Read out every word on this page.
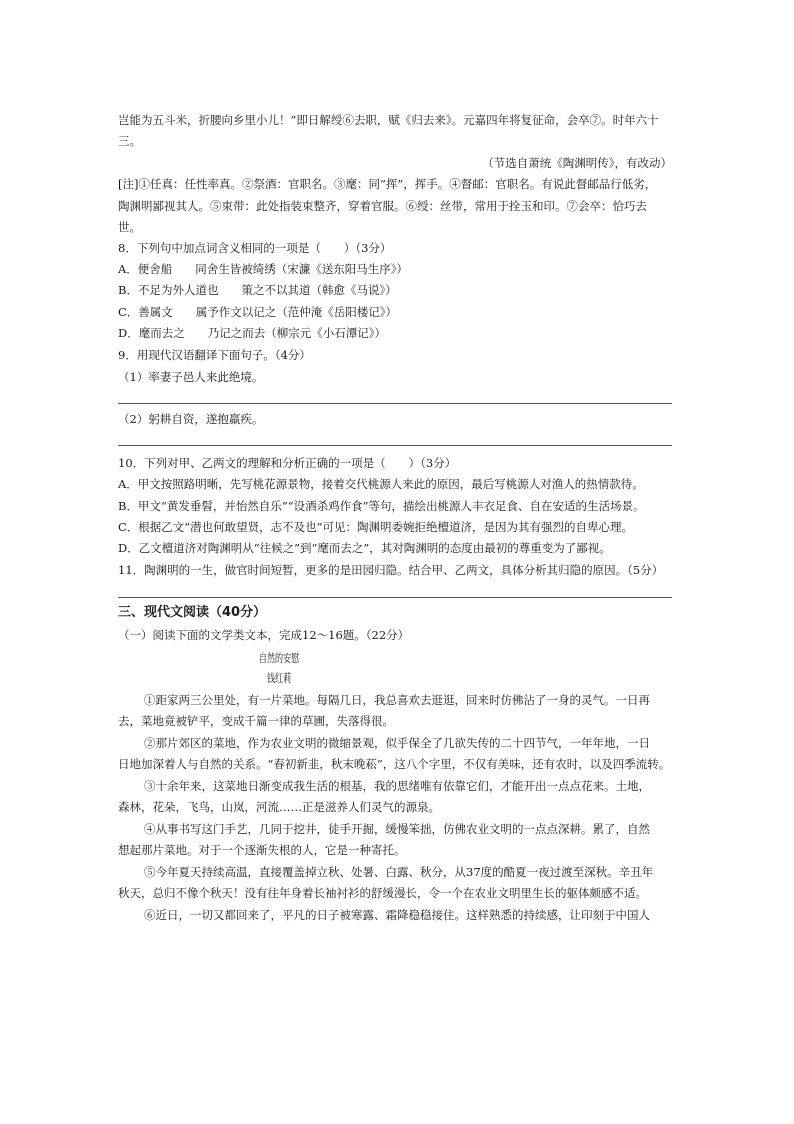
岂能为五斗米，折腰向乡里小儿！”即日解绶⑥去职，赋《归去来》。元嘉四年将复征命，会卒⑦。时年六十
三。
（节选自萧统《陶渊明传》，有改动）
[注]①任真：任性率真。②祭酒：官职名。③麾：同“挥”，挥手。④督邮：官职名。有说此督邮品行低劣，
陶渊明鄙视其人。⑤束带：此处指装束整齐，穿着官服。⑥绶：丝带，常用于拴玉和印。⑦会卒：恰巧去
世。
8．下列句中加点词含义相同的一项是（　　）（3分）
A．便舍船　　同舍生皆被绮绣（宋濂《送东阳马生序》）
B．不足为外人道也　　策之不以其道（韩愈《马说》）
C．善属文　　属予作文以记之（范仲淹《岳阳楼记》）
D．麾而去之　　乃记之而去（柳宗元《小石潭记》）
9．用现代汉语翻译下面句子。（4分）
（1）率妻子邑人来此绝境。
（2）躬耕自资，遂抱羸疾。
10．下列对甲、乙两文的理解和分析正确的一项是（　　）（3分）
A．甲文按照路明晰，先写桃花源景物，接着交代桃源人来此的原因，最后写桃源人对渔人的热情款待。
B．甲文“黄发垂髫，并怡然自乐”“设酒杀鸡作食”等句，描绘出桃源人丰衣足食、自在安适的生活场景。
C．根据乙文“潜也何敢望贤，志不及也”可见：陶渊明委婉拒绝檀道济，是因为其有强烈的自卑心理。
D．乙文檀道济对陶渊明从“往候之”到“麾而去之”，其对陶渊明的态度由最初的尊重变为了鄙视。
11．陶渊明的一生，做官时间短暂，更多的是田园归隐。结合甲、乙两文，具体分析其归隐的原因。（5分）
三、现代文阅读（40分）
（一）阅读下面的文学类文本，完成12～16题。（22分）
自然的安慰
钱红莉
①距家两三公里处，有一片菜地。每隔几日，我总喜欢去逛逛，回来时仿佛沾了一身的灵气。一日再
去，菜地竟被铲平，变成千篇一律的草圃，失落得很。
②那片郊区的菜地，作为农业文明的微缩景观，似乎保全了几欲失传的二十四节气，一年年地，一日
日地加深着人与自然的关系。“春初新韭，秋末晚菘”，这八个字里，不仅有美味，还有农时，以及四季流转。
③十余年来，这菜地日渐变成我生活的根基，我的思绪唯有依靠它们，才能开出一点点花来。土地，
森林，花朵，飞鸟，山岚，河流……正是滋养人们灵气的源泉。
④从事书写这门手艺，几同于挖井，徒手开掘，缓慢笨拙，仿佛农业文明的一点点深耕。累了，自然
想起那片菜地。对于一个逐渐失根的人，它是一种寄托。
⑤今年夏天持续高温，直接覆盖掉立秋、处暑、白露、秋分，从37度的酷夏一夜过渡至深秋。辛丑年
秋天，总归不像个秋天！没有往年身着长袖衬衫的舒缓漫长，令一个在农业文明里生长的躯体颇感不适。
⑥近日，一切又都回来了，平凡的日子被寒露、霜降稳稳接住。这样熟悉的持续感，让印刻于中国人
